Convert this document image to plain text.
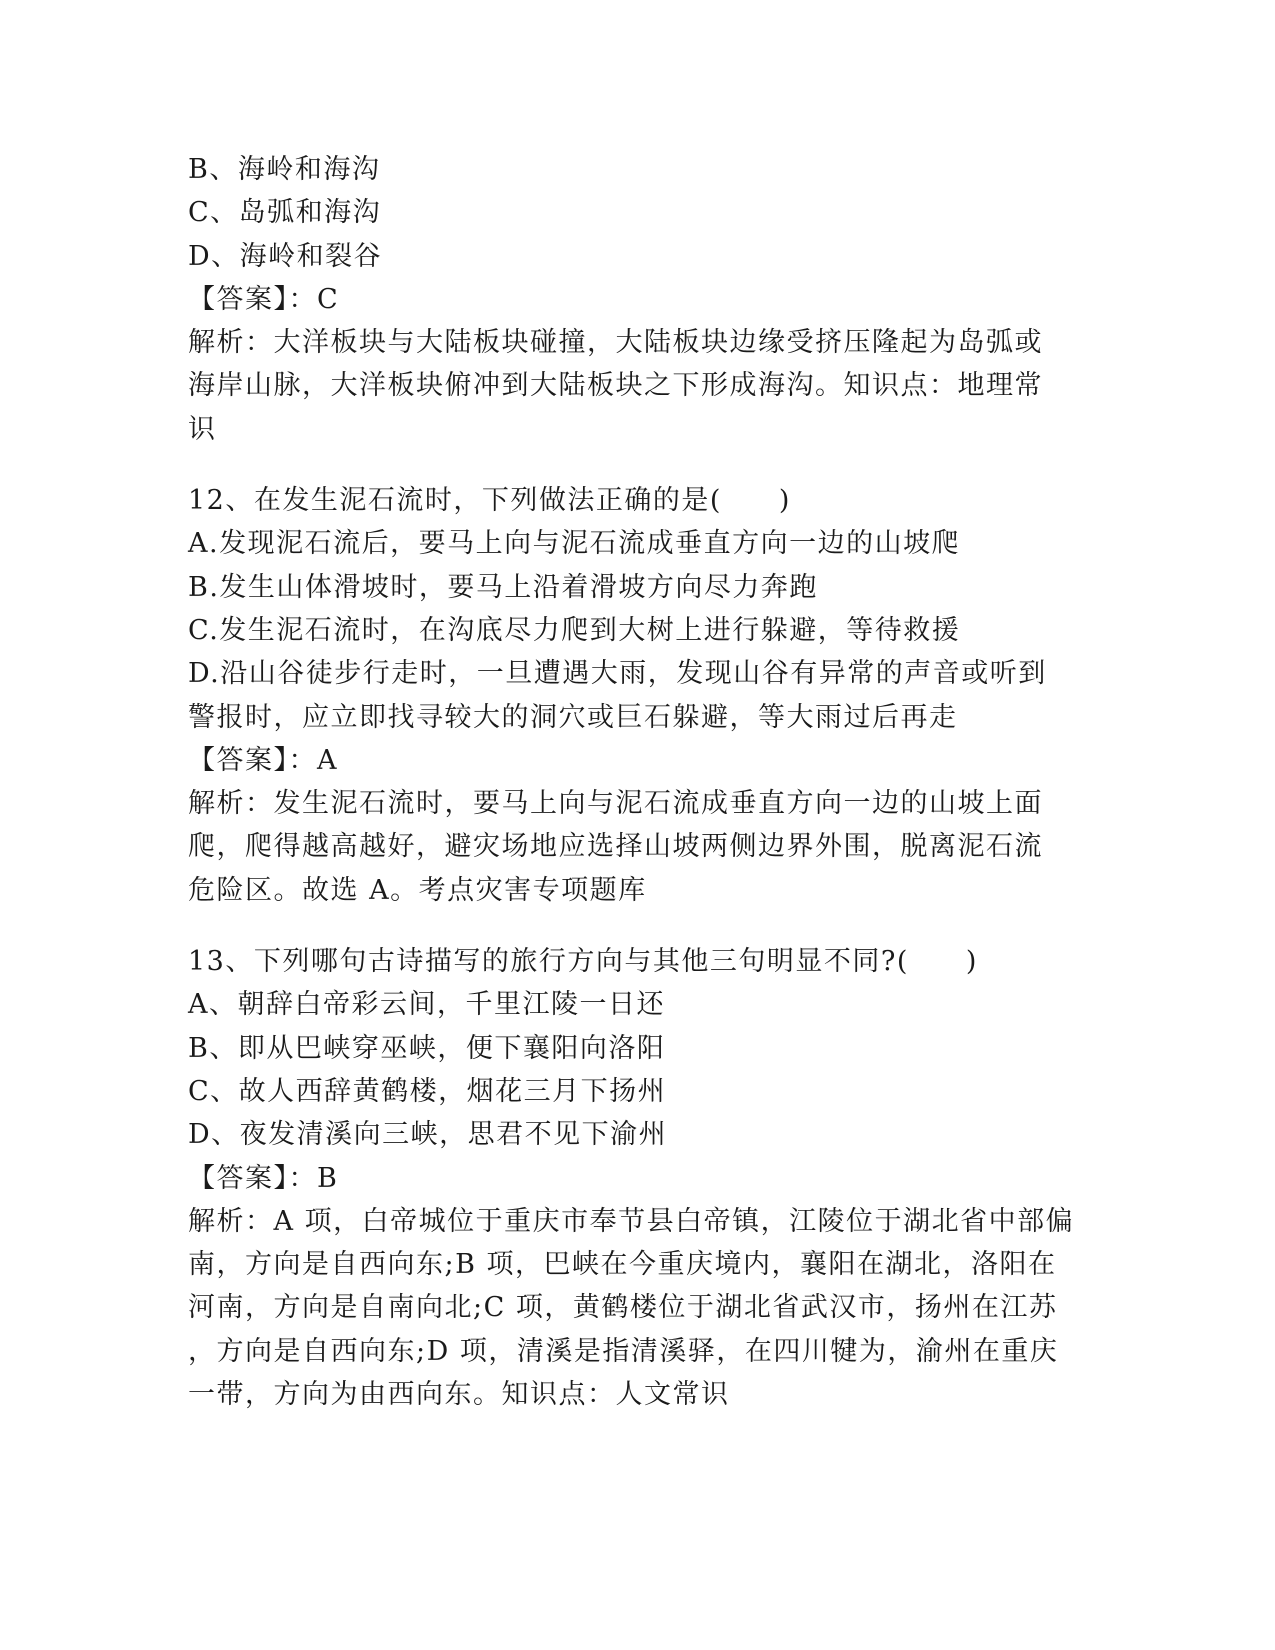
B、海岭和海沟
C、岛弧和海沟
D、海岭和裂谷
【答案】：C
解析：大洋板块与大陆板块碰撞，大陆板块边缘受挤压隆起为岛弧或
海岸山脉，大洋板块俯冲到大陆板块之下形成海沟。知识点：地理常
识
12、在发生泥石流时，下列做法正确的是(　　)
A.发现泥石流后，要马上向与泥石流成垂直方向一边的山坡爬
B.发生山体滑坡时，要马上沿着滑坡方向尽力奔跑
C.发生泥石流时，在沟底尽力爬到大树上进行躲避，等待救援
D.沿山谷徒步行走时，一旦遭遇大雨，发现山谷有异常的声音或听到
警报时，应立即找寻较大的洞穴或巨石躲避，等大雨过后再走
【答案】：A
解析：发生泥石流时，要马上向与泥石流成垂直方向一边的山坡上面
爬，爬得越高越好，避灾场地应选择山坡两侧边界外围，脱离泥石流
危险区。故选 A。考点灾害专项题库
13、下列哪句古诗描写的旅行方向与其他三句明显不同?(　　)
A、朝辞白帝彩云间，千里江陵一日还
B、即从巴峡穿巫峡，便下襄阳向洛阳
C、故人西辞黄鹤楼，烟花三月下扬州
D、夜发清溪向三峡，思君不见下渝州
【答案】：B
解析：A 项，白帝城位于重庆市奉节县白帝镇，江陵位于湖北省中部偏
南，方向是自西向东;B 项，巴峡在今重庆境内，襄阳在湖北，洛阳在
河南，方向是自南向北;C 项，黄鹤楼位于湖北省武汉市，扬州在江苏
，方向是自西向东;D 项，清溪是指清溪驿，在四川犍为，渝州在重庆
一带，方向为由西向东。知识点：人文常识
